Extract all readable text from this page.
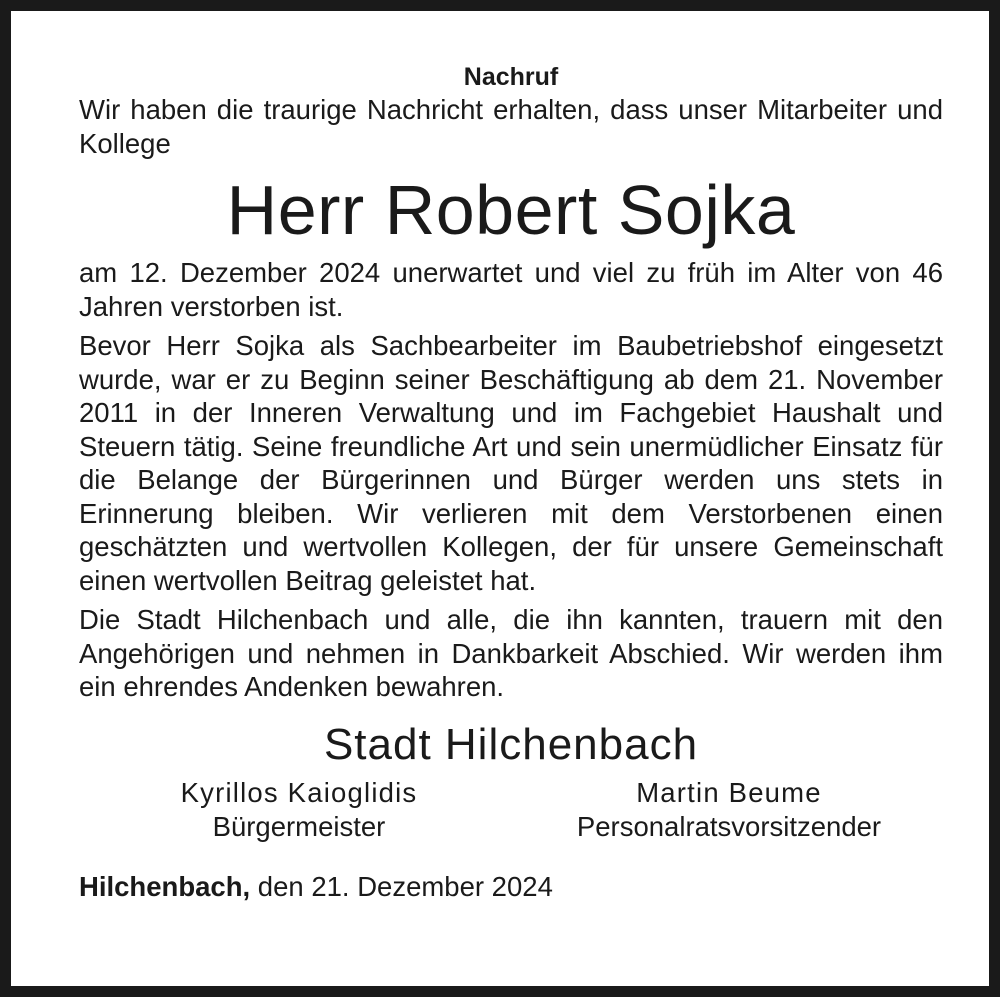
Nachruf

Wir haben die traurige Nachricht erhalten, dass unser Mitarbeiter und Kollege

Herr Robert Sojka

am 12. Dezember 2024 unerwartet und viel zu früh im Alter von 46 Jahren verstorben ist.

Bevor Herr Sojka als Sachbearbeiter im Baubetriebshof eingesetzt wurde, war er zu Beginn seiner Beschäftigung ab dem 21. November 2011 in der Inneren Verwaltung und im Fachgebiet Haushalt und Steuern tätig. Seine freundliche Art und sein unermüdlicher Einsatz für die Belange der Bürgerinnen und Bürger werden uns stets in Erinnerung bleiben. Wir verlieren mit dem Verstorbenen einen geschätzten und wertvollen Kollegen, der für unsere Gemeinschaft einen wertvollen Beitrag geleistet hat.

Die Stadt Hilchenbach und alle, die ihn kannten, trauern mit den Angehörigen und nehmen in Dankbarkeit Abschied. Wir werden ihm ein ehrendes Andenken bewahren.

Stadt Hilchenbach
Kyrillos Kaioglidis
Bürgermeister
Martin Beume
Personalratsvorsitzender
Hilchenbach, den 21. Dezember 2024
